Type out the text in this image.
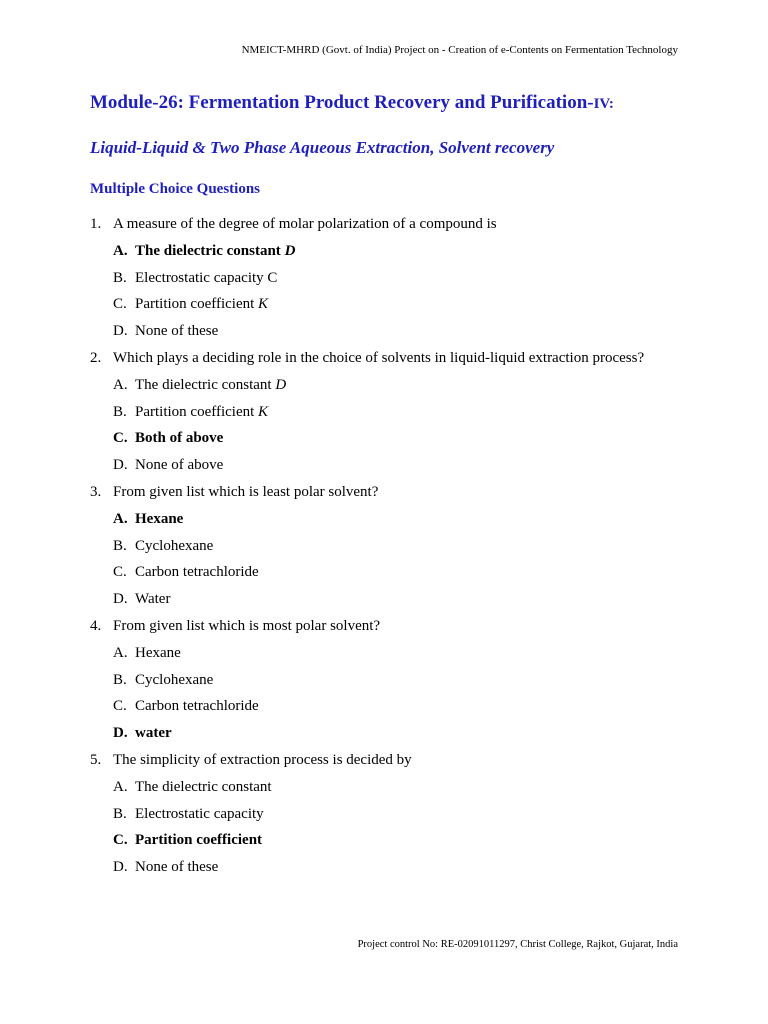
NMEICT-MHRD (Govt. of India) Project on - Creation of e-Contents on Fermentation Technology
Module-26: Fermentation Product Recovery and Purification-IV:
Liquid-Liquid & Two Phase Aqueous Extraction, Solvent recovery
Multiple Choice Questions
1. A measure of the degree of molar polarization of a compound is
A. The dielectric constant D
B. Electrostatic capacity C
C. Partition coefficient K
D. None of these
2. Which plays a deciding role in the choice of solvents in liquid-liquid extraction process?
A. The dielectric constant D
B. Partition coefficient K
C. Both of above
D. None of above
3. From given list which is least polar solvent?
A. Hexane
B. Cyclohexane
C. Carbon tetrachloride
D. Water
4. From given list which is most polar solvent?
A. Hexane
B. Cyclohexane
C. Carbon tetrachloride
D. water
5. The simplicity of extraction process is decided by
A. The dielectric constant
B. Electrostatic capacity
C. Partition coefficient
D. None of these
Project control No: RE-02091011297, Christ College, Rajkot, Gujarat, India
